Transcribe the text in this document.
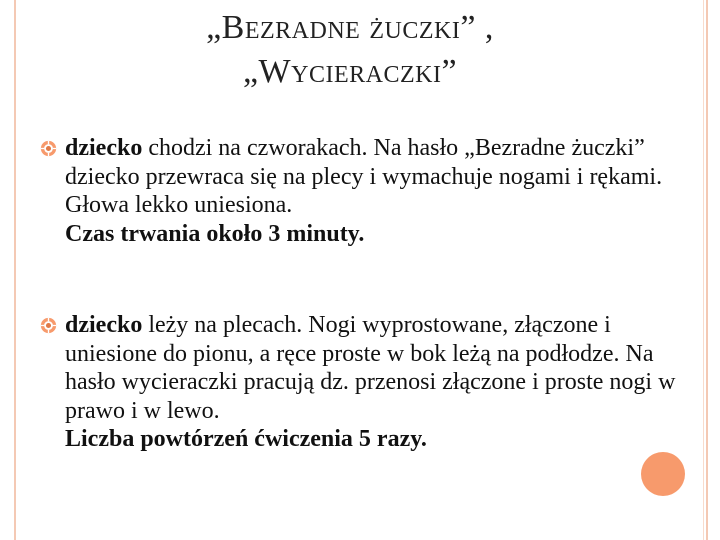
„Bezradne żuczki” ,
„Wycieraczki”
dziecko chodzi na czworakach. Na hasło „Bezradne żuczki” dziecko przewraca się na plecy i wymachuje nogami i rękami. Głowa lekko uniesiona.
Czas trwania około 3 minuty.
dziecko leży na plecach. Nogi wyprostowane, złączone i uniesione do pionu, a ręce proste w bok leżą na podłodze. Na hasło wycieraczki pracują dz. przenosi złączone i proste nogi w prawo i w lewo.
Liczba powtórzeń ćwiczenia 5 razy.
